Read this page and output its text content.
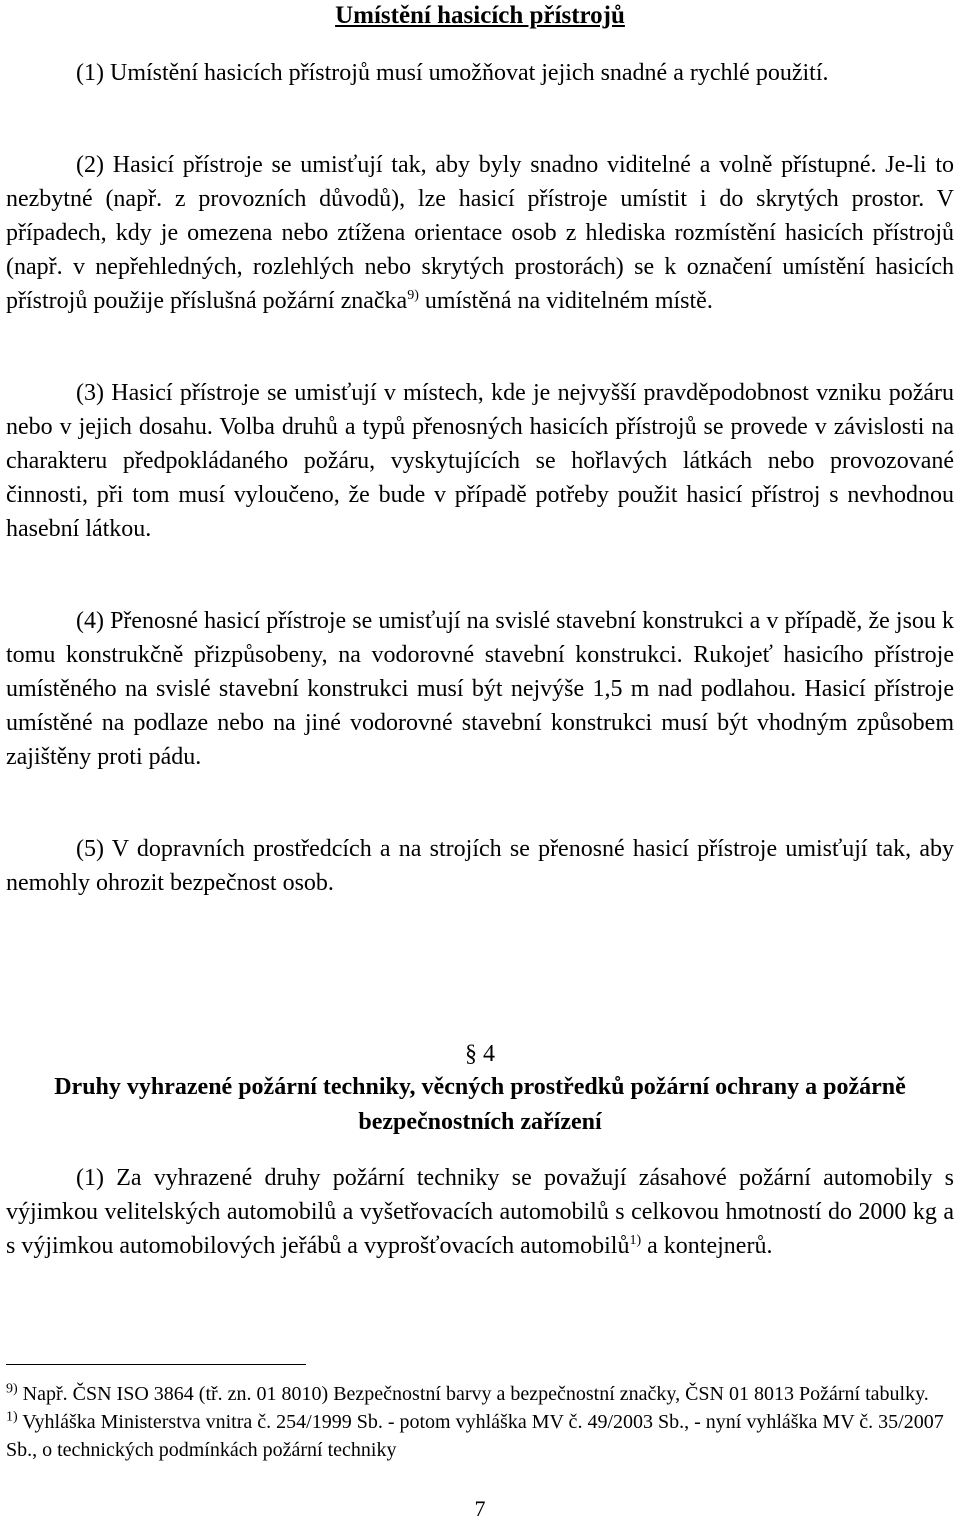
Umístění hasicích přístrojů

(1) Umístění hasicích přístrojů musí umožňovat jejich snadné a rychlé použití.

(2) Hasicí přístroje se umisťují tak, aby byly snadno viditelné a volně přístupné. Je-li to nezbytné (např. z provozních důvodů), lze hasicí přístroje umístit i do skrytých prostor. V případech, kdy je omezena nebo ztížena orientace osob z hlediska rozmístění hasicích přístrojů (např. v nepřehledných, rozlehlých nebo skrytých prostorách) se k označení umístění hasicích přístrojů použije příslušná požární značka$^{9)}$ umístěná na viditelném místě.

(3) Hasicí přístroje se umisťují v místech, kde je nejvyšší pravděpodobnost vzniku požáru nebo v jejich dosahu. Volba druhů a typů přenosných hasicích přístrojů se provede v závislosti na charakteru předpokládaného požáru, vyskytujících se hořlavých látkách nebo provozované činnosti, při tom musí vyloučeno, že bude v případě potřeby použit hasicí přístroj s nevhodnou hasební látkou.

(4) Přenosné hasicí přístroje se umisťují na svislé stavební konstrukci a v případě, že jsou k tomu konstrukčně přizpůsobeny, na vodorovné stavební konstrukci. Rukojeť hasicího přístroje umístěného na svislé stavební konstrukci musí být nejvýše 1,5 m nad podlahou. Hasicí přístroje umístěné na podlaze nebo na jiné vodorovné stavební konstrukci musí být vhodným způsobem zajištěny proti pádu.

(5) V dopravních prostředcích a na strojích se přenosné hasicí přístroje umisťují tak, aby nemohly ohrozit bezpečnost osob.

§ 4
Druhy vyhrazené požární techniky, věcných prostředků požární ochrany a požárně bezpečnostních zařízení

(1) Za vyhrazené druhy požární techniky se považují zásahové požární automobily s výjimkou velitelských automobilů a vyšetřovacích automobilů s celkovou hmotností do 2000 kg a s výjimkou automobilových jeřábů a vyprošťovacích automobilů$^{1)}$ a kontejnerů.

$^{9)}$ Např. ČSN ISO 3864 (tř. zn. 01 8010) Bezpečnostní barvy a bezpečnostní značky, ČSN 01 8013 Požární tabulky.

$^{1)}$ Vyhláška Ministerstva vnitra č. 254/1999 Sb. - potom vyhláška MV č. 49/2003 Sb., - nyní vyhláška MV č. 35/2007 Sb., o technických podmínkách požární techniky

7
